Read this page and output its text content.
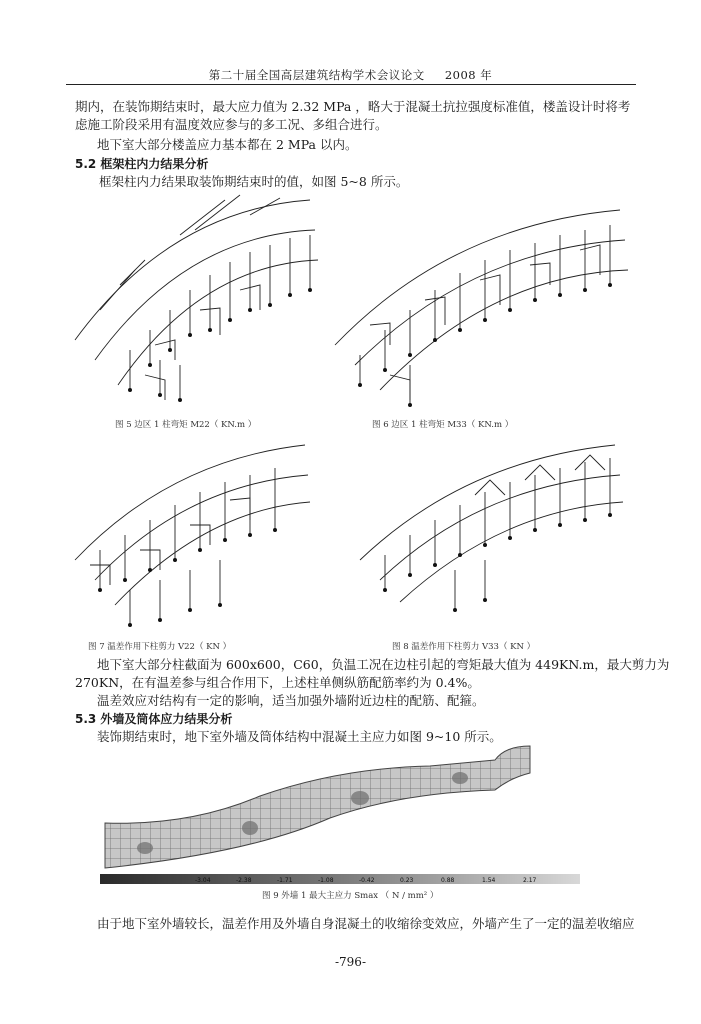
第二十届全国高层建筑结构学术会议论文 2008 年
期内，在装饰期结束时，最大应力值为 2.32 MPa ，略大于混凝土抗拉强度标准值，楼盖设计时将考
虑施工阶段采用有温度效应参与的多工况、多组合进行。
地下室大部分楼盖应力基本都在 2 MPa 以内。
5.2 框架柱内力结果分析
框架柱内力结果取装饰期结束时的值，如图 5~8 所示。
图 5 边区 1 柱弯矩 M22（ KN.m ）	图 6 边区 1 柱弯矩 M33（ KN.m ）
图 7 温差作用下柱剪力 V22（ KN ）	图 8 温差作用下柱剪力 V33（ KN ）
地下室大部分柱截面为 600x600，C60，负温工况在边柱引起的弯矩最大值为 449KN.m，最大剪力为
270KN，在有温差参与组合作用下，上述柱单侧纵筋配筋率约为 0.4%。
温差效应对结构有一定的影响，适当加强外墙附近边柱的配筋、配箍。
5.3 外墙及筒体应力结果分析
装饰期结束时，地下室外墙及筒体结构中混凝土主应力如图 9~10 所示。
-3.04	-2.38	-1.71	-1.08	-0.42	0.23	0.88	1.54	2.17
图 9 外墙 1 最大主应力 Smax （ N / mm² ）
由于地下室外墙较长，温差作用及外墙自身混凝土的收缩徐变效应，外墙产生了一定的温差收缩应
-796-
